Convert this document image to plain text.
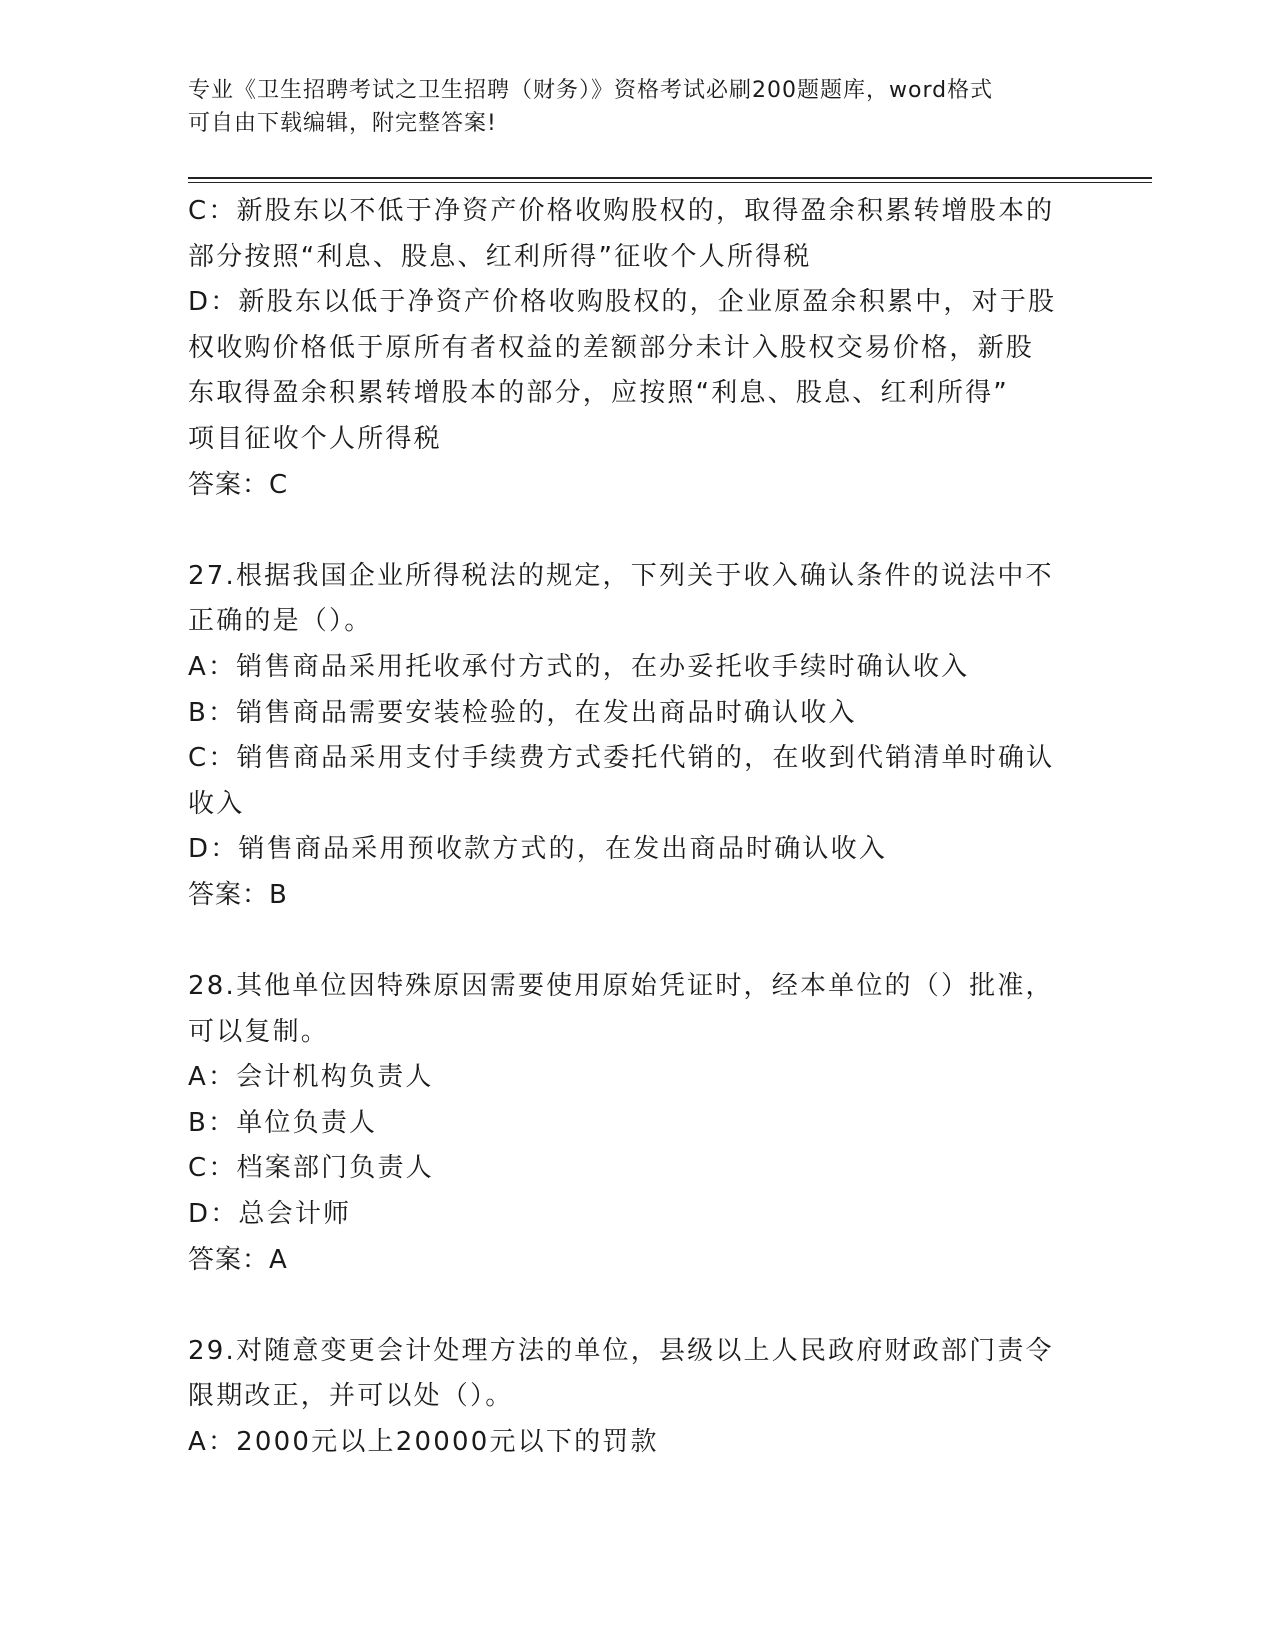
专业《卫生招聘考试之卫生招聘（财务）》资格考试必刷200题题库，word格式
可自由下载编辑，附完整答案!
C：新股东以不低于净资产价格收购股权的，取得盈余积累转增股本的
部分按照“利息、股息、红利所得”征收个人所得税
D：新股东以低于净资产价格收购股权的，企业原盈余积累中，对于股
权收购价格低于原所有者权益的差额部分未计入股权交易价格，新股
东取得盈余积累转增股本的部分，应按照“利息、股息、红利所得”
项目征收个人所得税
答案：C
27.根据我国企业所得税法的规定，下列关于收入确认条件的说法中不
正确的是（）。
A：销售商品采用托收承付方式的，在办妥托收手续时确认收入
B：销售商品需要安装检验的，在发出商品时确认收入
C：销售商品采用支付手续费方式委托代销的，在收到代销清单时确认
收入
D：销售商品采用预收款方式的，在发出商品时确认收入
答案：B
28.其他单位因特殊原因需要使用原始凭证时，经本单位的（）批准，
可以复制。
A：会计机构负责人
B：单位负责人
C：档案部门负责人
D：总会计师
答案：A
29.对随意变更会计处理方法的单位，县级以上人民政府财政部门责令
限期改正，并可以处（）。
A：2000元以上20000元以下的罚款
